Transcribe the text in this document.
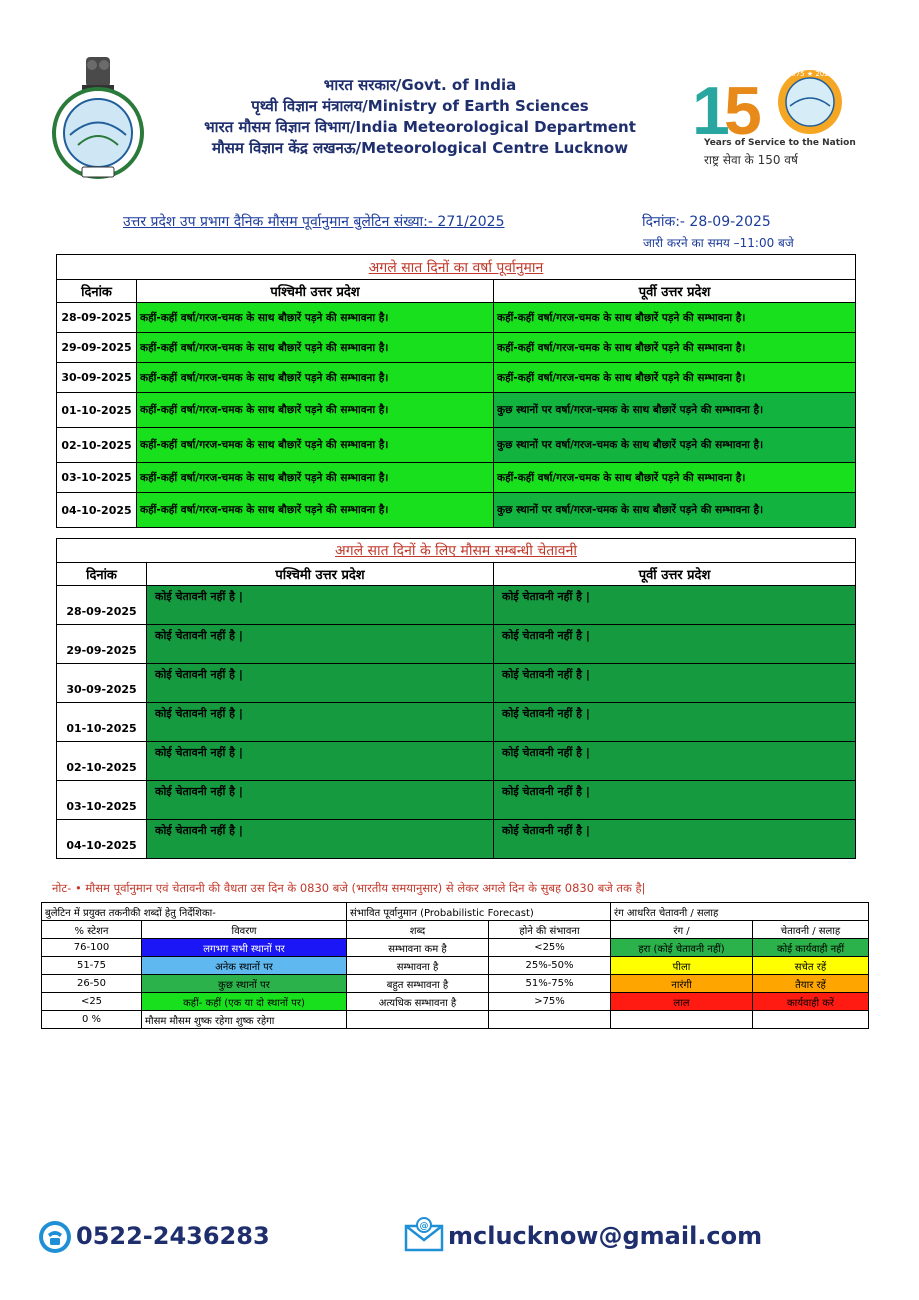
भारत सरकार/Govt. of India
पृथ्वी विज्ञान मंत्रालय/Ministry of Earth Sciences
भारत मौसम विज्ञान विभाग/India Meteorological Department
मौसम विज्ञान केंद्र लखनऊ/Meteorological Centre Lucknow 1
5	1875 ★ 2025
Years of Service to the Nation
राष्ट्र सेवा के 150 वर्ष
उत्तर प्रदेश उप प्रभाग दैनिक मौसम पूर्वानुमान बुलेटिन संख्या:- 271/2025	दिनांक:- 28-09-2025
जारी करने का समय –11:00 बजे
अगले सात दिनों का वर्षा पूर्वानुमान		
दिनांक	पश्चिमी उत्तर प्रदेश	पूर्वी उत्तर प्रदेश
28-09-2025	कहीं-कहीं वर्षा/गरज-चमक के साथ बौछारें पड़ने की सम्भावना है।	कहीं-कहीं वर्षा/गरज-चमक के साथ बौछारें पड़ने की सम्भावना है।
29-09-2025	कहीं-कहीं वर्षा/गरज-चमक के साथ बौछारें पड़ने की सम्भावना है।	कहीं-कहीं वर्षा/गरज-चमक के साथ बौछारें पड़ने की सम्भावना है।
30-09-2025	कहीं-कहीं वर्षा/गरज-चमक के साथ बौछारें पड़ने की सम्भावना है।	कहीं-कहीं वर्षा/गरज-चमक के साथ बौछारें पड़ने की सम्भावना है।
01-10-2025	कहीं-कहीं वर्षा/गरज-चमक के साथ बौछारें पड़ने की सम्भावना है।	कुछ स्थानों पर वर्षा/गरज-चमक के साथ बौछारें पड़ने की सम्भावना है।
02-10-2025	कहीं-कहीं वर्षा/गरज-चमक के साथ बौछारें पड़ने की सम्भावना है।	कुछ स्थानों पर वर्षा/गरज-चमक के साथ बौछारें पड़ने की सम्भावना है।
03-10-2025	कहीं-कहीं वर्षा/गरज-चमक के साथ बौछारें पड़ने की सम्भावना है।	कहीं-कहीं वर्षा/गरज-चमक के साथ बौछारें पड़ने की सम्भावना है।
04-10-2025	कहीं-कहीं वर्षा/गरज-चमक के साथ बौछारें पड़ने की सम्भावना है।	कुछ स्थानों पर वर्षा/गरज-चमक के साथ बौछारें पड़ने की सम्भावना है।
अगले सात दिनों के लिए मौसम सम्बन्धी चेतावनी		
दिनांक	पश्चिमी उत्तर प्रदेश	पूर्वी उत्तर प्रदेश
28-09-2025	कोई चेतावनी नहीं है |	कोई चेतावनी नहीं है |
29-09-2025	कोई चेतावनी नहीं है |	कोई चेतावनी नहीं है |
30-09-2025	कोई चेतावनी नहीं है |	कोई चेतावनी नहीं है |
01-10-2025	कोई चेतावनी नहीं है |	कोई चेतावनी नहीं है |
02-10-2025	कोई चेतावनी नहीं है |	कोई चेतावनी नहीं है |
03-10-2025	कोई चेतावनी नहीं है |	कोई चेतावनी नहीं है |
04-10-2025	कोई चेतावनी नहीं है |	कोई चेतावनी नहीं है |
नोट- • मौसम पूर्वानुमान एवं चेतावनी की वैधता उस दिन के 0830 बजे (भारतीय समयानुसार) से लेकर अगले दिन के सुबह 0830 बजे तक है|
बुलेटिन में प्रयुक्त तकनीकी शब्दों हेतु निर्देशिका-		संभावित पूर्वानुमान (Probabilistic Forecast)		रंग आधरित चेतावनी / सलाह	
% स्टेशन	विवरण	शब्द	होने की संभावना	रंग /	चेतावनी / सलाह
76-100	लगभग सभी स्थानों पर	सम्भावना कम है	<25%	हरा (कोई चेतावनी नहीं)	कोई कार्यवाही नहीं
51-75	अनेक स्थानों पर	सम्भावना है	25%-50%	पीला	सचेत रहें
26-50	कुछ स्थानों पर	बहुत सम्भावना है	51%-75%	नारंगी	तैयार रहें
<25	कहीं- कहीं (एक या दो स्थानों पर)	अत्यधिक सम्भावना है	>75%	लाल	कार्यवाही करें
0 %	मौसम मौसम शुष्क रहेगा शुष्क रहेगा				
0522-2436283	@ mclucknow@gmail.com
